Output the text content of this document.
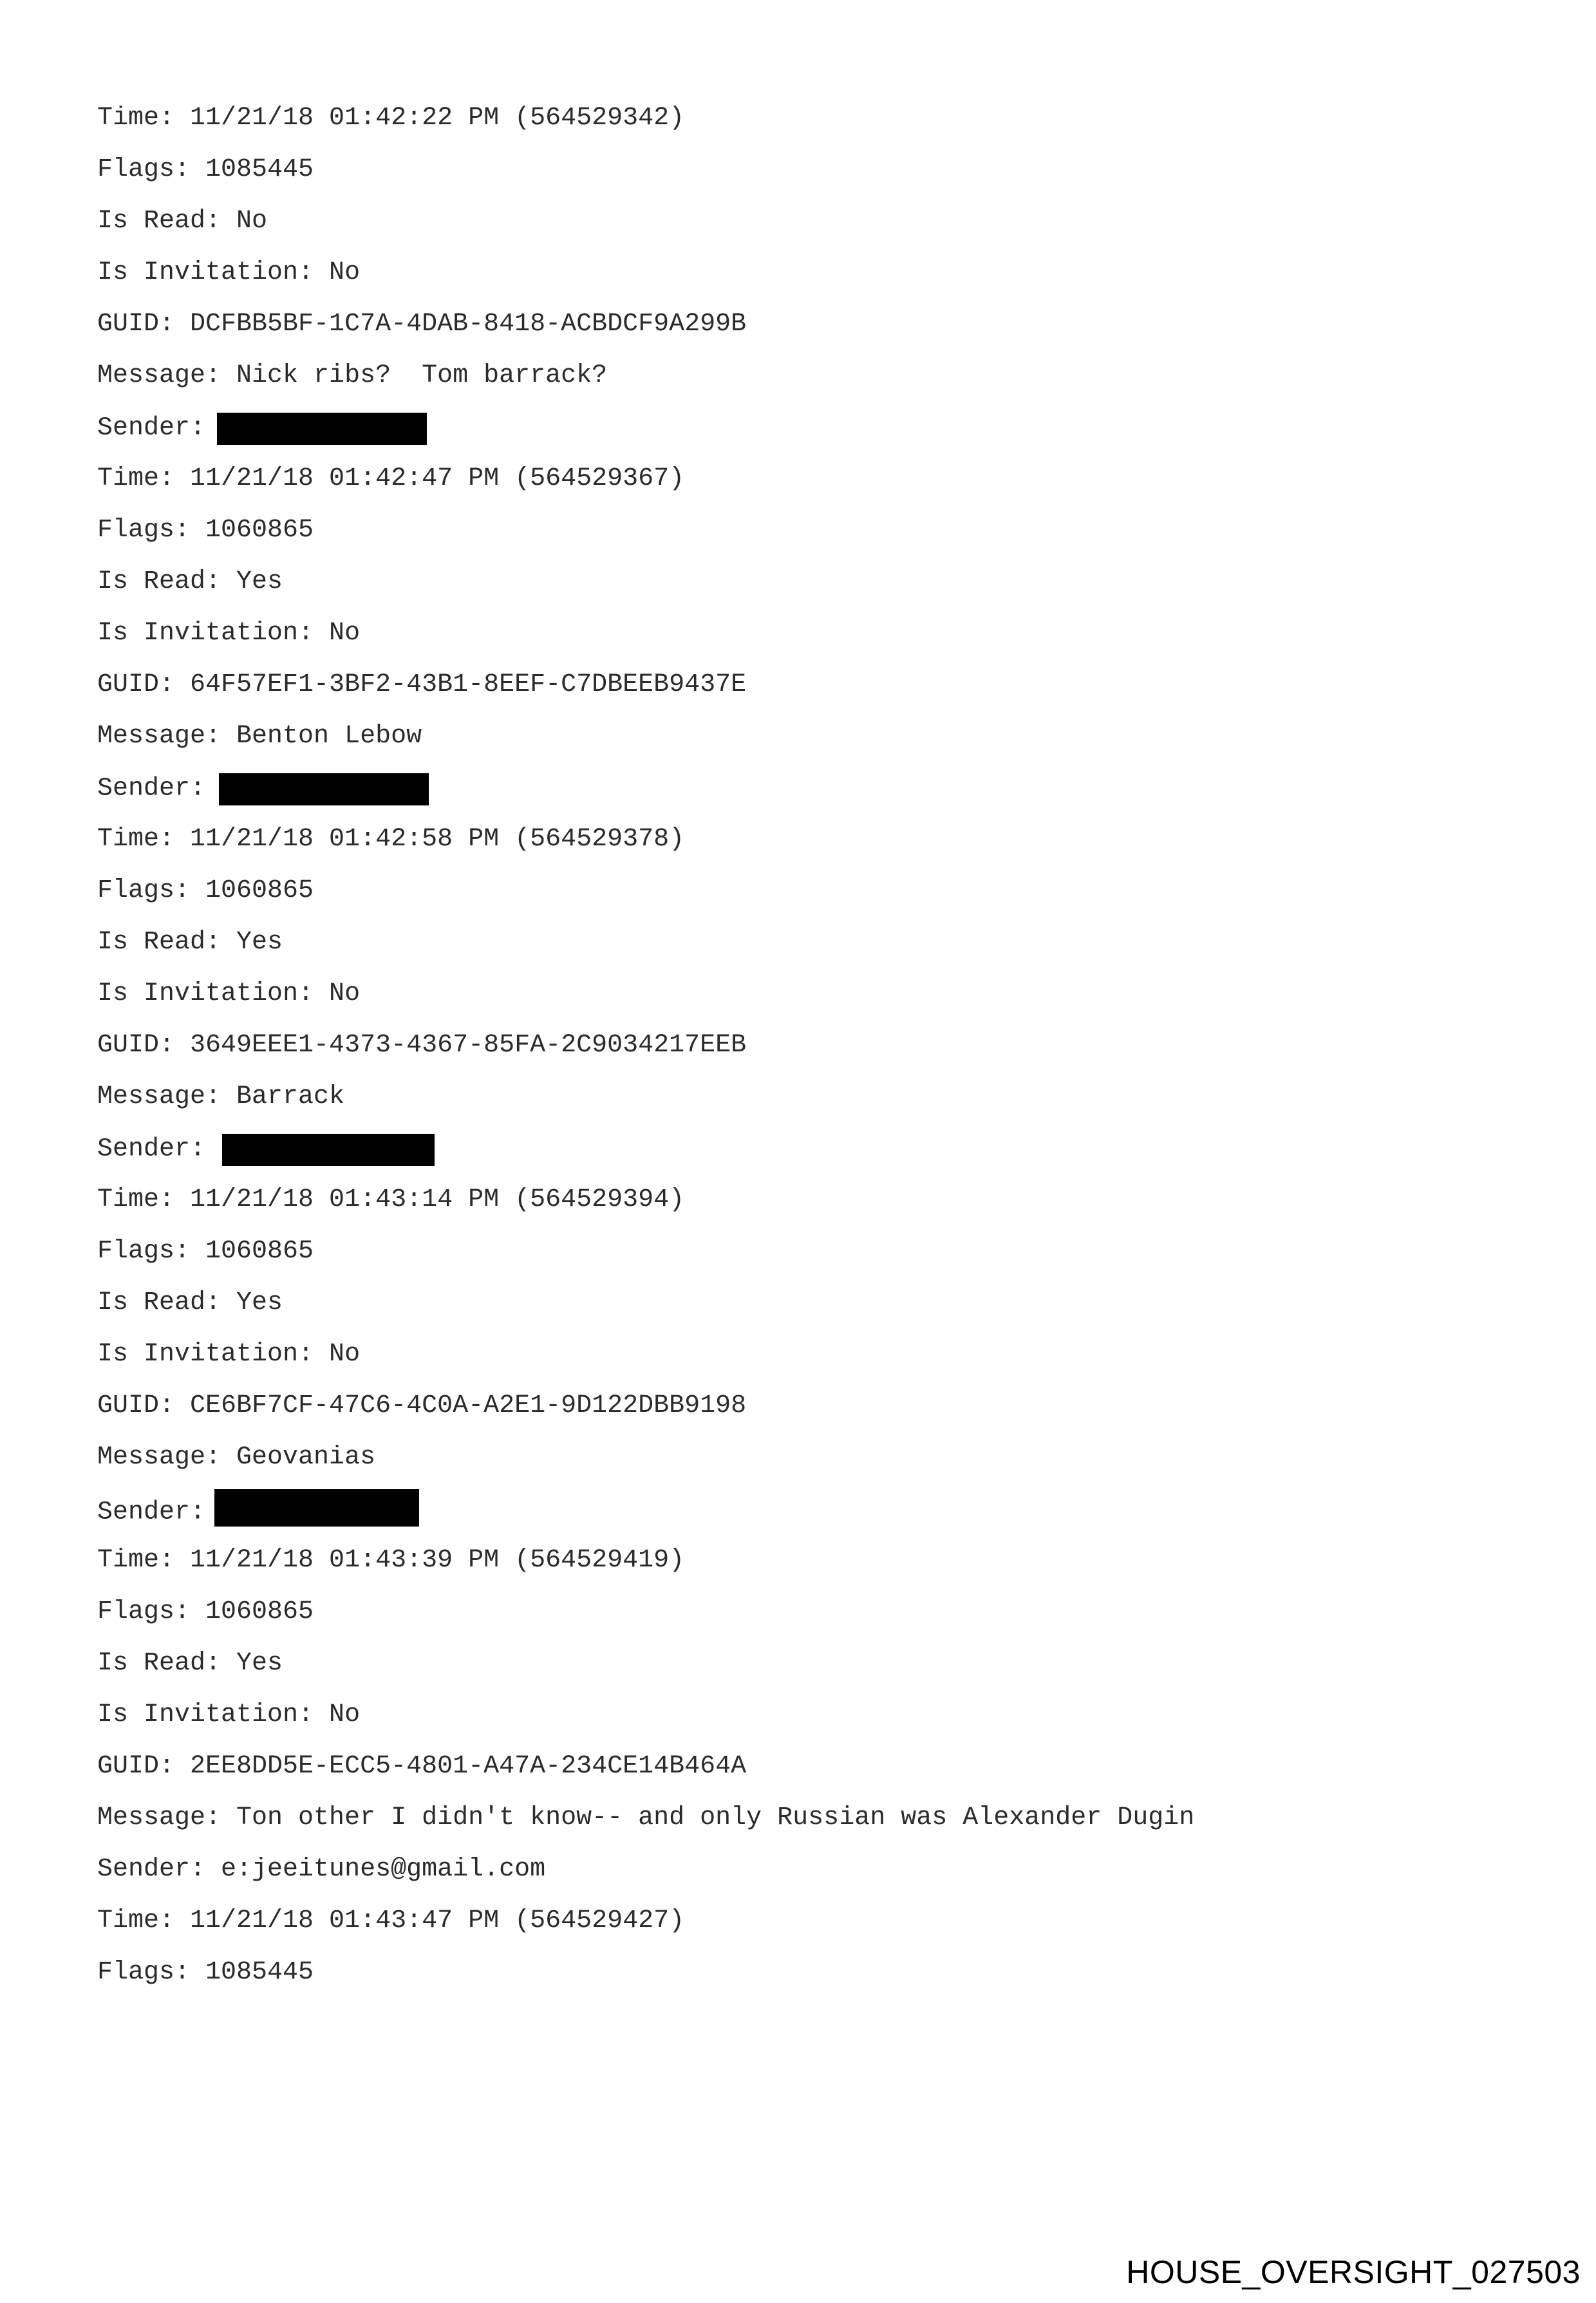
Time: 11/21/18 01:42:22 PM (564529342)
Flags: 1085445
Is Read: No
Is Invitation: No
GUID: DCFBB5BF-1C7A-4DAB-8418-ACBDCF9A299B
Message: Nick ribs?  Tom barrack?
Sender:
Time: 11/21/18 01:42:47 PM (564529367)
Flags: 1060865
Is Read: Yes
Is Invitation: No
GUID: 64F57EF1-3BF2-43B1-8EEF-C7DBEEB9437E
Message: Benton Lebow
Sender:
Time: 11/21/18 01:42:58 PM (564529378)
Flags: 1060865
Is Read: Yes
Is Invitation: No
GUID: 3649EEE1-4373-4367-85FA-2C9034217EEB
Message: Barrack
Sender:
Time: 11/21/18 01:43:14 PM (564529394)
Flags: 1060865
Is Read: Yes
Is Invitation: No
GUID: CE6BF7CF-47C6-4C0A-A2E1-9D122DBB9198
Message: Geovanias
Sender:
Time: 11/21/18 01:43:39 PM (564529419)
Flags: 1060865
Is Read: Yes
Is Invitation: No
GUID: 2EE8DD5E-ECC5-4801-A47A-234CE14B464A
Message: Ton other I didn't know-- and only Russian was Alexander Dugin
Sender: e:jeeitunes@gmail.com
Time: 11/21/18 01:43:47 PM (564529427)
Flags: 1085445
HOUSE_OVERSIGHT_027503
